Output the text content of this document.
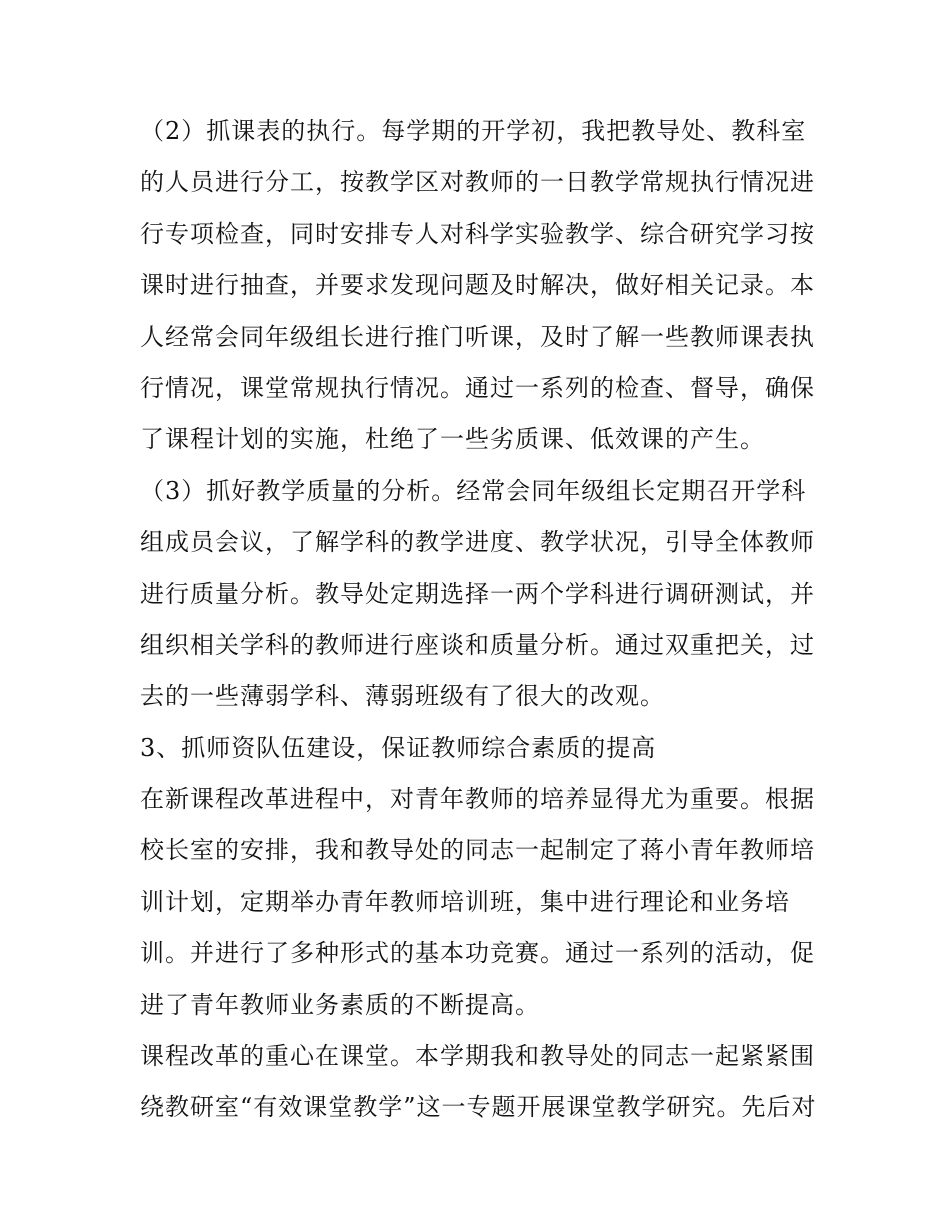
（2）抓课表的执行。每学期的开学初，我把教导处、教科室
的人员进行分工，按教学区对教师的一日教学常规执行情况进
行专项检查，同时安排专人对科学实验教学、综合研究学习按
课时进行抽查，并要求发现问题及时解决，做好相关记录。本
人经常会同年级组长进行推门听课，及时了解一些教师课表执
行情况，课堂常规执行情况。通过一系列的检查、督导，确保
了课程计划的实施，杜绝了一些劣质课、低效课的产生。
（3）抓好教学质量的分析。经常会同年级组长定期召开学科
组成员会议，了解学科的教学进度、教学状况，引导全体教师
进行质量分析。教导处定期选择一两个学科进行调研测试，并
组织相关学科的教师进行座谈和质量分析。通过双重把关，过
去的一些薄弱学科、薄弱班级有了很大的改观。
3、抓师资队伍建设，保证教师综合素质的提高
在新课程改革进程中，对青年教师的培养显得尤为重要。根据
校长室的安排，我和教导处的同志一起制定了蒋小青年教师培
训计划，定期举办青年教师培训班，集中进行理论和业务培
训。并进行了多种形式的基本功竞赛。通过一系列的活动，促
进了青年教师业务素质的不断提高。
课程改革的重心在课堂。本学期我和教导处的同志一起紧紧围
绕教研室“有效课堂教学”这一专题开展课堂教学研究。先后对
